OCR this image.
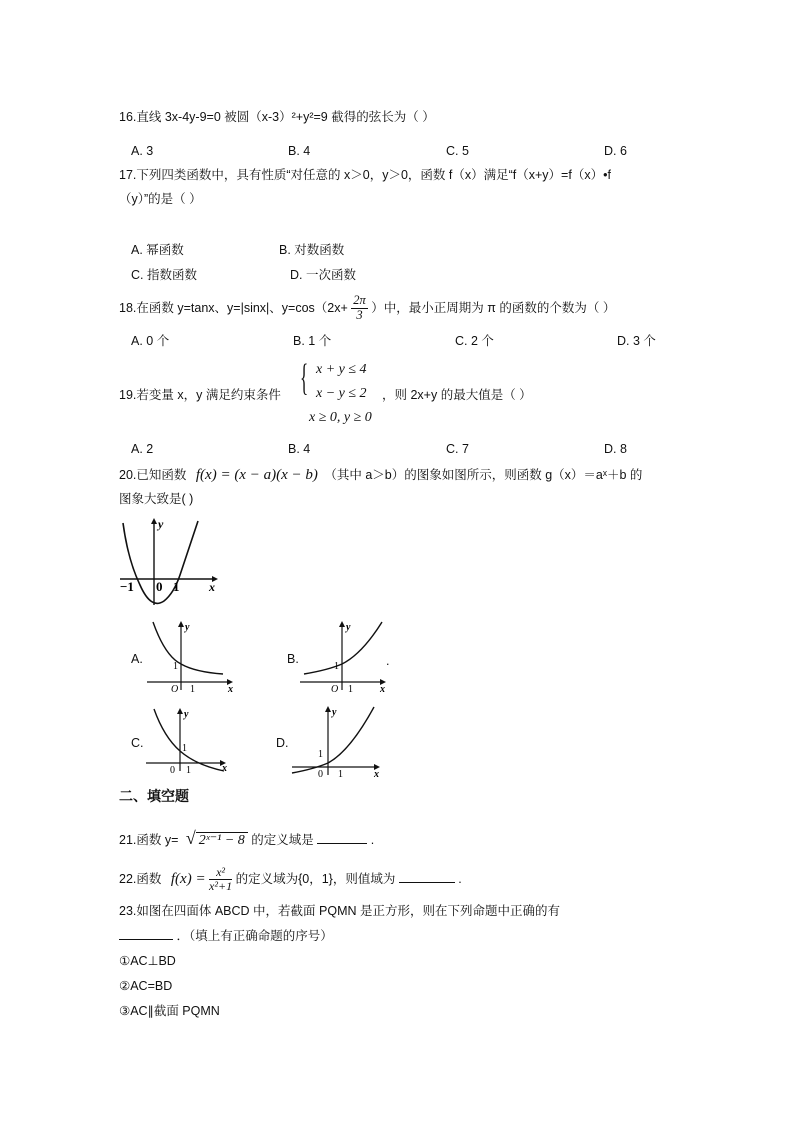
16.直线 3x-4y-9=0 被圆（x-3）²+y²=9 截得的弦长为（ ）
A. 3	B. 4	C. 5	D. 6
17.下列四类函数中，具有性质“对任意的 x＞0，y＞0，函数 f（x）满足“f（x+y）=f（x）•f
（y）”的是（ ）
A. 幂函数	B. 对数函数
C. 指数函数	D. 一次函数
18.在函数 y=tanx、y=|sinx|、$y=\cos(2x+ \frac{2\pi}{3}$ ）中，最小正周期为 π 的函数的个数为（ ）
A. 0 个	B. 1 个	C. 2 个	D. 3 个
19.若变量 x，y 满足约束条件 { x + y ≤ 4
x − y ≤ 2
x ≥ 0, y ≥ 0
，则 2x+y 的最大值是（ ）
A. 2	B. 4	C. 7	D. 8
20.已知函数 f(x) = (x − a)(x − b) （其中 a＞b）的图象如图所示，则函数 g（x）＝aˣ＋b 的
图象大致是( )
y
x
−1 0 1
A.
y
x
O
1
1
B.
y
x
O
1
1
.
C.
y
x
0
1
1
D.
y
x
0
1
1
二、填空题
21.函数 y= √ 2ˣ⁻¹ − 8 的定义域是	.
22.函数 $f(x) = \frac{\text{x²}}{\text{x²+1}}$ 的定义域为{0，1}，则值域为	.
23.如图在四面体 ABCD 中，若截面 PQMN 是正方形，则在下列命题中正确的有
．（填上有正确命题的序号）
①AC⊥BD
②AC=BD
③AC∥截面 PQMN
